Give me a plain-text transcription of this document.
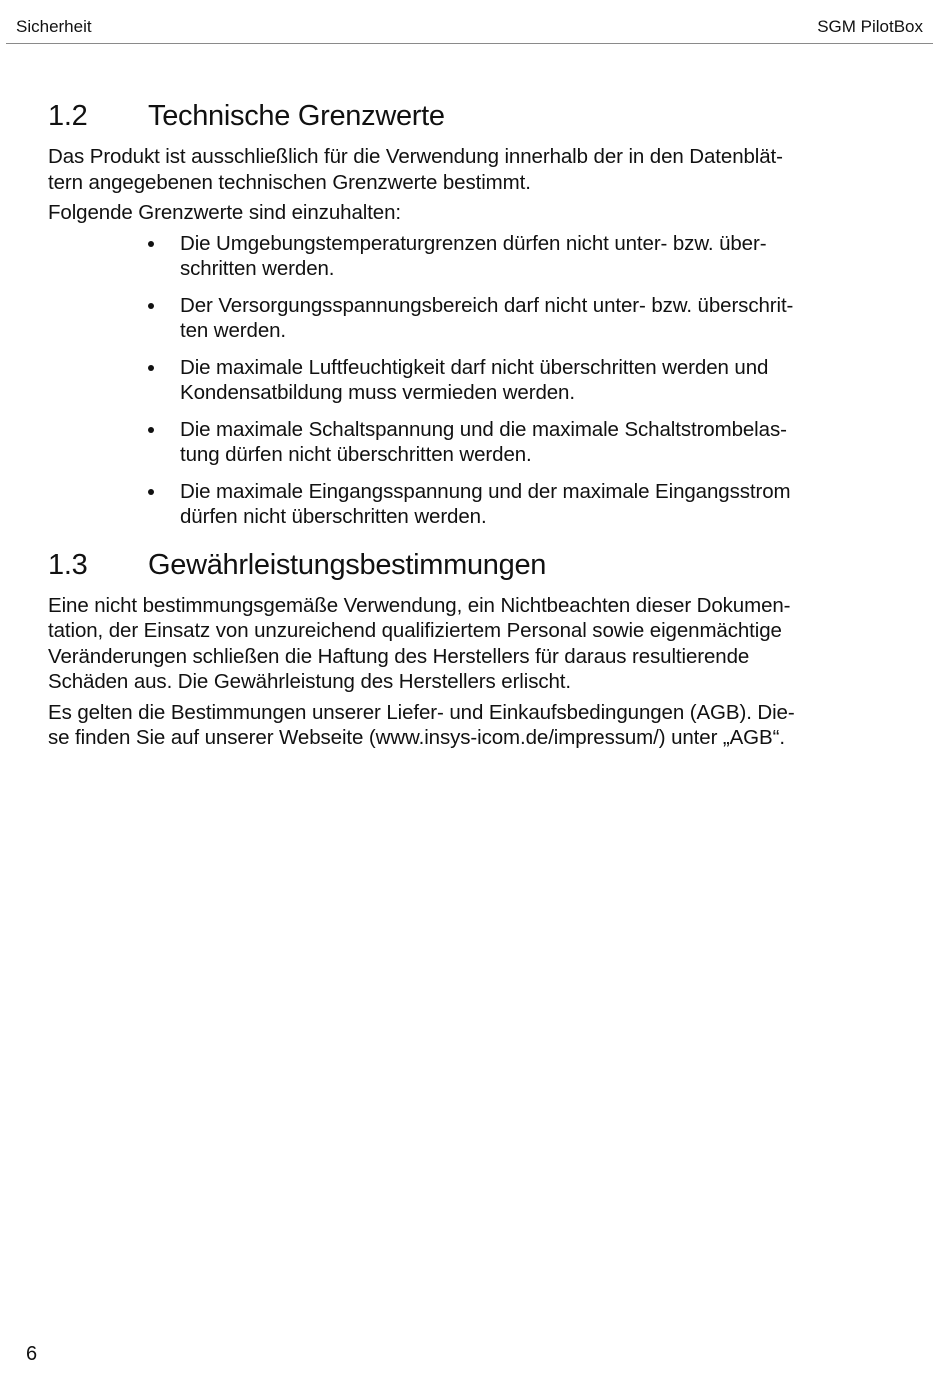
Sicherheit	SGM PilotBox
1.2 Technische Grenzwerte

Das Produkt ist ausschließlich für die Verwendung innerhalb der in den Datenblät-
tern angegebenen technischen Grenzwerte bestimmt.

Folgende Grenzwerte sind einzuhalten:

Die Umgebungstemperaturgrenzen dürfen nicht unter- bzw. über-
schritten werden.
Der Versorgungsspannungsbereich darf nicht unter- bzw. überschrit-
ten werden.
Die maximale Luftfeuchtigkeit darf nicht überschritten werden und
Kondensatbildung muss vermieden werden.
Die maximale Schaltspannung und die maximale Schaltstrombelas-
tung dürfen nicht überschritten werden.
Die maximale Eingangsspannung und der maximale Eingangsstrom
dürfen nicht überschritten werden.
1.3 Gewährleistungsbestimmungen

Eine nicht bestimmungsgemäße Verwendung, ein Nichtbeachten dieser Dokumen-
tation, der Einsatz von unzureichend qualifiziertem Personal sowie eigenmächtige
Veränderungen schließen die Haftung des Herstellers für daraus resultierende
Schäden aus. Die Gewährleistung des Herstellers erlischt.

Es gelten die Bestimmungen unserer Liefer- und Einkaufsbedingungen (AGB). Die-
se finden Sie auf unserer Webseite (www.insys-icom.de/impressum/) unter „AGB“.

6
